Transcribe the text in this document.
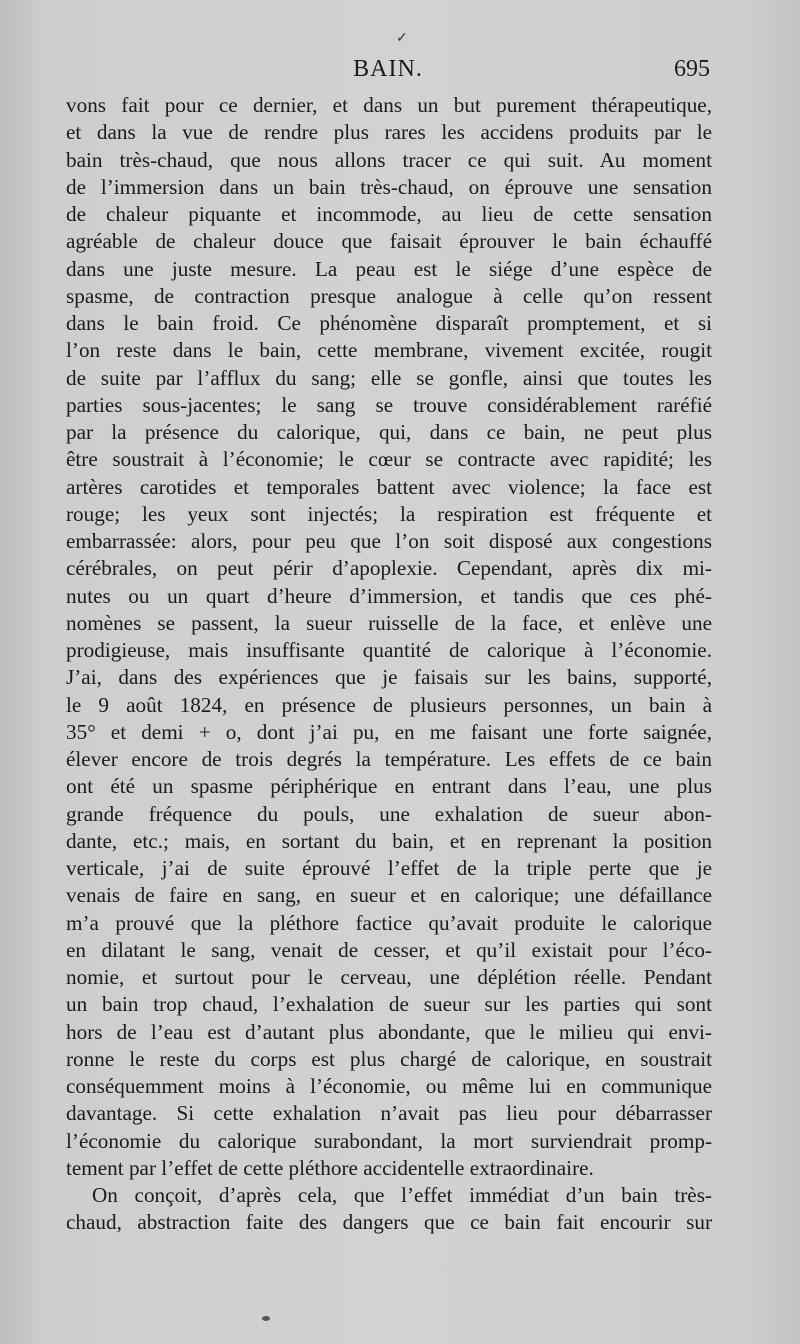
✓
BAIN.	695
vons fait pour ce dernier, et dans un but purement thérapeutique,
et dans la vue de rendre plus rares les accidens produits par le
bain très-chaud, que nous allons tracer ce qui suit. Au moment
de l’immersion dans un bain très-chaud, on éprouve une sensation
de chaleur piquante et incommode, au lieu de cette sensation
agréable de chaleur douce que faisait éprouver le bain échauffé
dans une juste mesure. La peau est le siége d’une espèce de
spasme, de contraction presque analogue à celle qu’on ressent
dans le bain froid. Ce phénomène disparaît promptement, et si
l’on reste dans le bain, cette membrane, vivement excitée, rougit
de suite par l’afflux du sang; elle se gonfle, ainsi que toutes les
parties sous-jacentes; le sang se trouve considérablement raréfié
par la présence du calorique, qui, dans ce bain, ne peut plus
être soustrait à l’économie; le cœur se contracte avec rapidité; les
artères carotides et temporales battent avec violence; la face est
rouge; les yeux sont injectés; la respiration est fréquente et
embarrassée: alors, pour peu que l’on soit disposé aux congestions
cérébrales, on peut périr d’apoplexie. Cependant, après dix mi-
nutes ou un quart d’heure d’immersion, et tandis que ces phé-
nomènes se passent, la sueur ruisselle de la face, et enlève une
prodigieuse, mais insuffisante quantité de calorique à l’économie.
J’ai, dans des expériences que je faisais sur les bains, supporté,
le 9 août 1824, en présence de plusieurs personnes, un bain à
35° et demi + o, dont j’ai pu, en me faisant une forte saignée,
élever encore de trois degrés la température. Les effets de ce bain
ont été un spasme périphérique en entrant dans l’eau, une plus
grande fréquence du pouls, une exhalation de sueur abon-
dante, etc.; mais, en sortant du bain, et en reprenant la position
verticale, j’ai de suite éprouvé l’effet de la triple perte que je
venais de faire en sang, en sueur et en calorique; une défaillance
m’a prouvé que la pléthore factice qu’avait produite le calorique
en dilatant le sang, venait de cesser, et qu’il existait pour l’éco-
nomie, et surtout pour le cerveau, une déplétion réelle. Pendant
un bain trop chaud, l’exhalation de sueur sur les parties qui sont
hors de l’eau est d’autant plus abondante, que le milieu qui envi-
ronne le reste du corps est plus chargé de calorique, en soustrait
conséquemment moins à l’économie, ou même lui en communique
davantage. Si cette exhalation n’avait pas lieu pour débarrasser
l’économie du calorique surabondant, la mort surviendrait promp-
tement par l’effet de cette pléthore accidentelle extraordinaire.
On conçoit, d’après cela, que l’effet immédiat d’un bain très-
chaud, abstraction faite des dangers que ce bain fait encourir sur
